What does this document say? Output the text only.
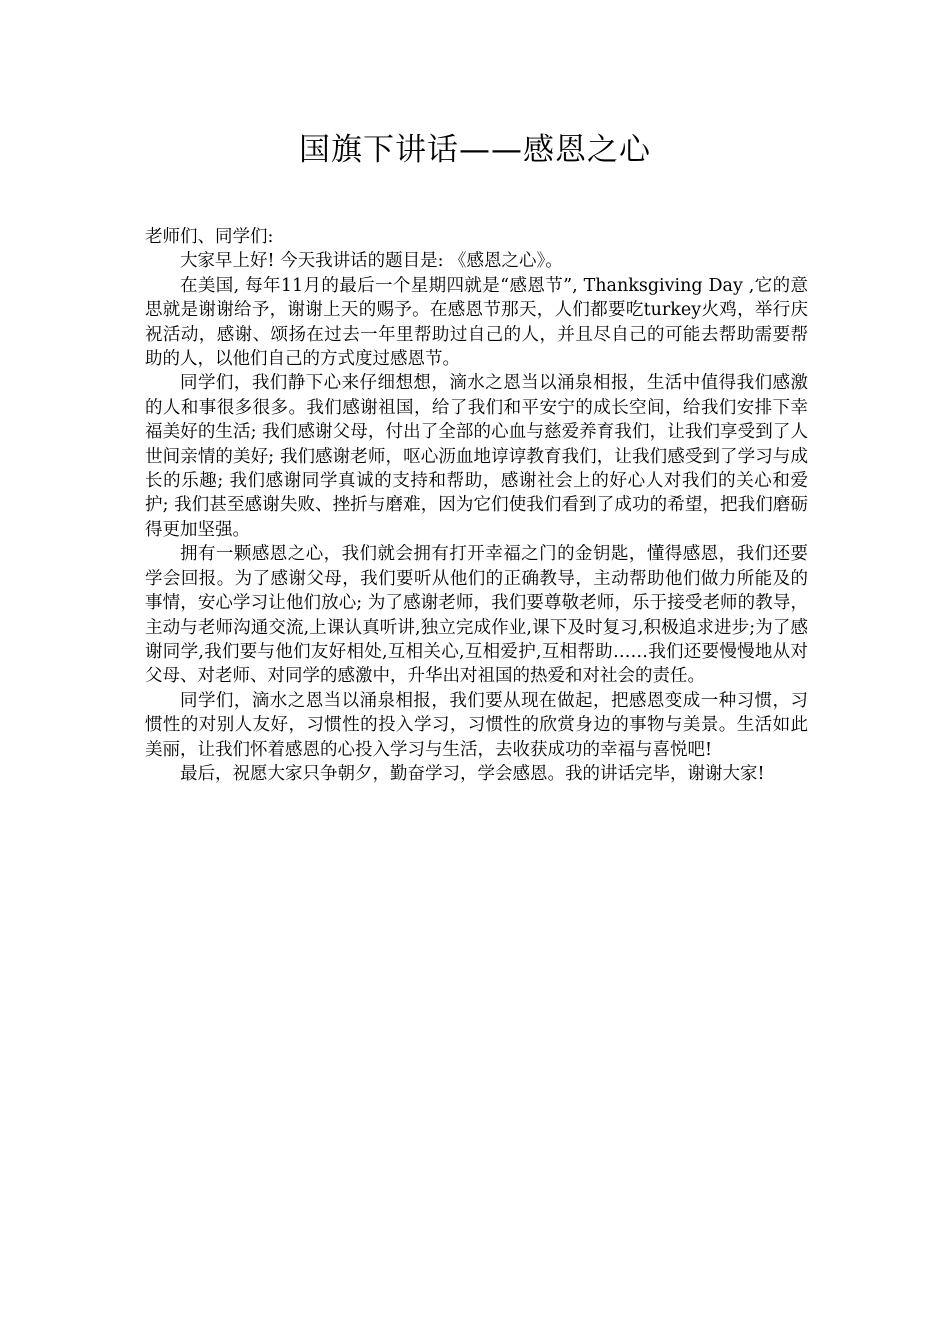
国旗下讲话——感恩之心

老师们、同学们:

大家早上好! 今天我讲话的题目是: 《感恩之心》。

在美国, 每年11月的最后一个星期四就是“感恩节”, Thanksgiving Day ,它的意思就是谢谢给予，谢谢上天的赐予。在感恩节那天，人们都要吃turkey火鸡，举行庆祝活动，感谢、颂扬在过去一年里帮助过自己的人，并且尽自己的可能去帮助需要帮助的人，以他们自己的方式度过感恩节。

同学们，我们静下心来仔细想想，滴水之恩当以涌泉相报，生活中值得我们感激的人和事很多很多。我们感谢祖国，给了我们和平安宁的成长空间，给我们安排下幸福美好的生活; 我们感谢父母，付出了全部的心血与慈爱养育我们，让我们享受到了人世间亲情的美好; 我们感谢老师，呕心沥血地谆谆教育我们，让我们感受到了学习与成长的乐趣; 我们感谢同学真诚的支持和帮助，感谢社会上的好心人对我们的关心和爱护; 我们甚至感谢失败、挫折与磨难，因为它们使我们看到了成功的希望，把我们磨砺得更加坚强。

拥有一颗感恩之心，我们就会拥有打开幸福之门的金钥匙，懂得感恩，我们还要学会回报。为了感谢父母，我们要听从他们的正确教导，主动帮助他们做力所能及的事情，安心学习让他们放心; 为了感谢老师，我们要尊敬老师，乐于接受老师的教导，主动与老师沟通交流,上课认真听讲,独立完成作业,课下及时复习,积极追求进步;为了感谢同学,我们要与他们友好相处,互相关心,互相爱护,互相帮助……我们还要慢慢地从对父母、对老师、对同学的感激中，升华出对祖国的热爱和对社会的责任。

同学们，滴水之恩当以涌泉相报，我们要从现在做起，把感恩变成一种习惯，习惯性的对别人友好，习惯性的投入学习，习惯性的欣赏身边的事物与美景。生活如此美丽，让我们怀着感恩的心投入学习与生活，去收获成功的幸福与喜悦吧!

最后，祝愿大家只争朝夕，勤奋学习，学会感恩。我的讲话完毕，谢谢大家!
